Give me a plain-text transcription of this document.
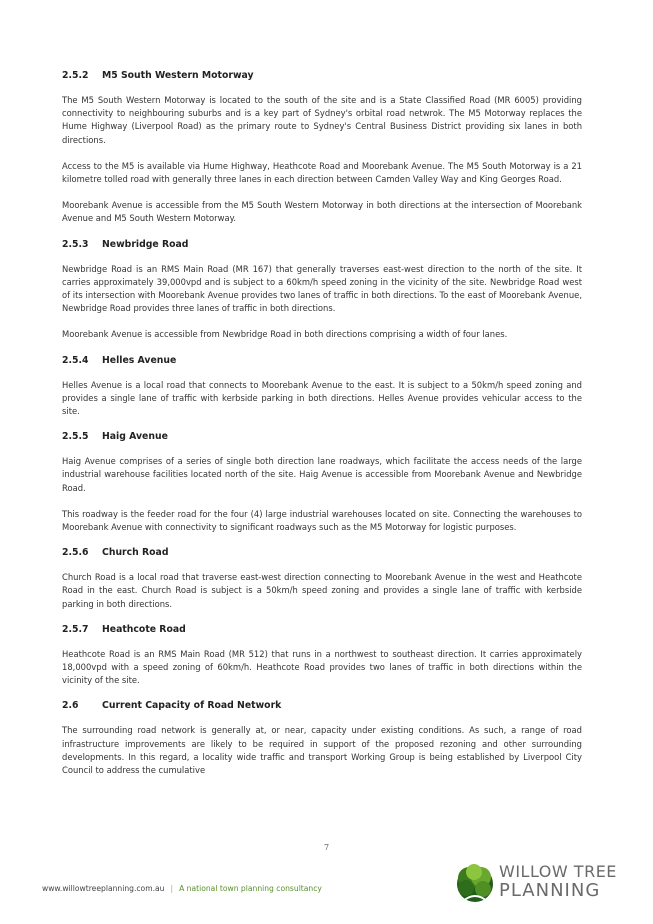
2.5.2 M5 South Western Motorway

The M5 South Western Motorway is located to the south of the site and is a State Classified Road (MR 6005) providing connectivity to neighbouring suburbs and is a key part of Sydney's orbital road netwrok. The M5 Motorway replaces the Hume Highway (Liverpool Road) as the primary route to Sydney's Central Business District providing six lanes in both directions.

Access to the M5 is available via Hume Highway, Heathcote Road and Moorebank Avenue. The M5 South Motorway is a 21 kilometre tolled road with generally three lanes in each direction between Camden Valley Way and King Georges Road.

Moorebank Avenue is accessible from the M5 South Western Motorway in both directions at the intersection of Moorebank Avenue and M5 South Western Motorway.

2.5.3 Newbridge Road

Newbridge Road is an RMS Main Road (MR 167) that generally traverses east-west direction to the north of the site. It carries approximately 39,000vpd and is subject to a 60km/h speed zoning in the vicinity of the site. Newbridge Road west of its intersection with Moorebank Avenue provides two lanes of traffic in both directions. To the east of Moorebank Avenue, Newbridge Road provides three lanes of traffic in both directions.

Moorebank Avenue is accessible from Newbridge Road in both directions comprising a width of four lanes.

2.5.4 Helles Avenue

Helles Avenue is a local road that connects to Moorebank Avenue to the east. It is subject to a 50km/h speed zoning and provides a single lane of traffic with kerbside parking in both directions. Helles Avenue provides vehicular access to the site.

2.5.5 Haig Avenue

Haig Avenue comprises of a series of single both direction lane roadways, which facilitate the access needs of the large industrial warehouse facilities located north of the site. Haig Avenue is accessible from Moorebank Avenue and Newbridge Road.

This roadway is the feeder road for the four (4) large industrial warehouses located on site. Connecting the warehouses to Moorebank Avenue with connectivity to significant roadways such as the M5 Motorway for logistic purposes.

2.5.6 Church Road

Church Road is a local road that traverse east-west direction connecting to Moorebank Avenue in the west and Heathcote Road in the east. Church Road is subject is a 50km/h speed zoning and provides a single lane of traffic with kerbside parking in both directions.

2.5.7 Heathcote Road

Heathcote Road is an RMS Main Road (MR 512) that runs in a northwest to southeast direction. It carries approximately 18,000vpd with a speed zoning of 60km/h. Heathcote Road provides two lanes of traffic in both directions within the vicinity of the site.

2.6	Current Capacity of Road Network

The surrounding road network is generally at, or near, capacity under existing conditions. As such, a range of road infrastructure improvements are likely to be required in support of the proposed rezoning and other surrounding developments. In this regard, a locality wide traffic and transport Working Group is being established by Liverpool City Council to address the cumulative

7
www.willowtreeplanning.com.au | A national town planning consultancy
WILLOW TREE
PLANNING
